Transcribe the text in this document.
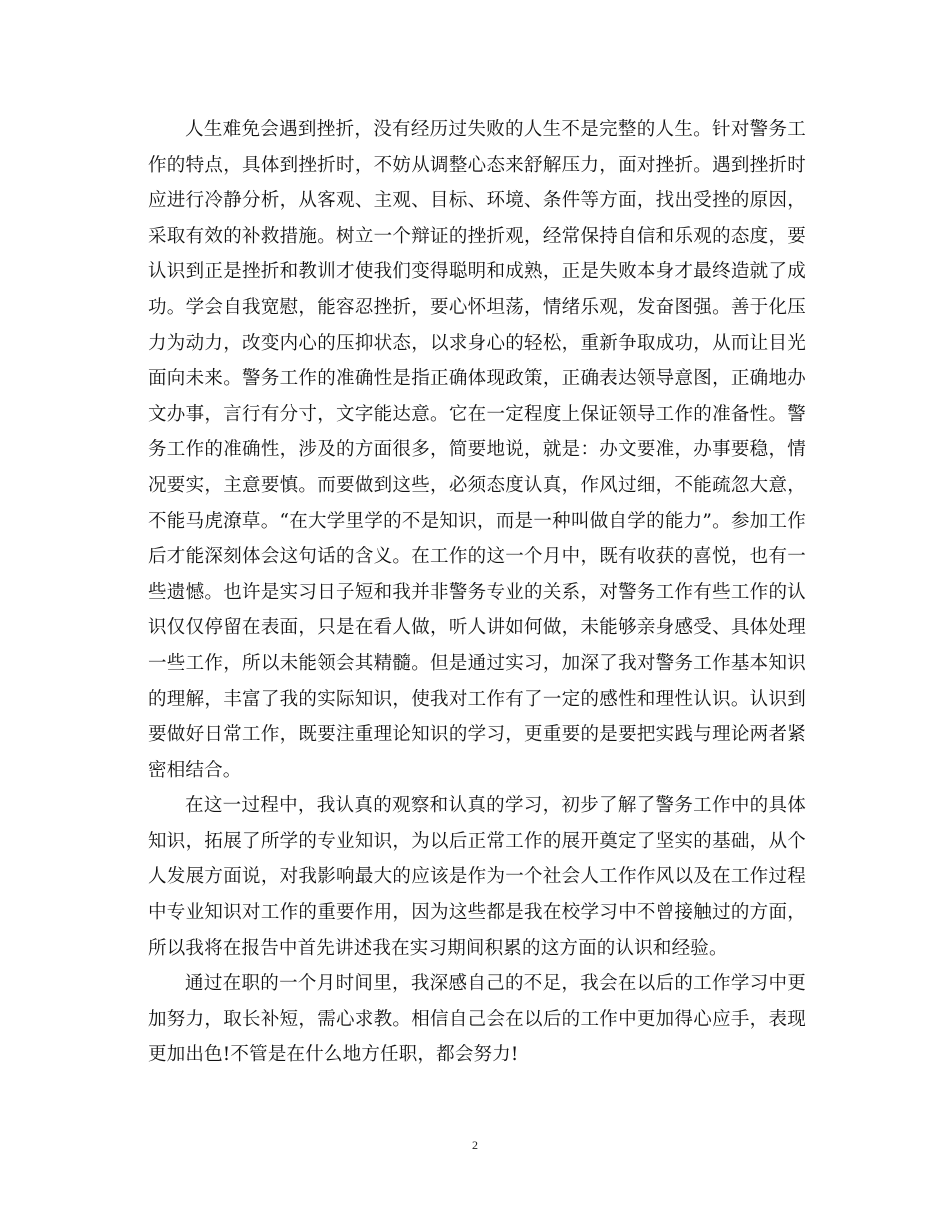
人生难免会遇到挫折，没有经历过失败的人生不是完整的人生。针对警务工作的特点，具体到挫折时，不妨从调整心态来舒解压力，面对挫折。遇到挫折时应进行冷静分析，从客观、主观、目标、环境、条件等方面，找出受挫的原因，采取有效的补救措施。树立一个辩证的挫折观，经常保持自信和乐观的态度，要认识到正是挫折和教训才使我们变得聪明和成熟，正是失败本身才最终造就了成功。学会自我宽慰，能容忍挫折，要心怀坦荡，情绪乐观，发奋图强。善于化压力为动力，改变内心的压抑状态，以求身心的轻松，重新争取成功，从而让目光面向未来。警务工作的准确性是指正确体现政策，正确表达领导意图，正确地办文办事，言行有分寸，文字能达意。它在一定程度上保证领导工作的准备性。警务工作的准确性，涉及的方面很多，简要地说，就是：办文要准，办事要稳，情况要实，主意要慎。而要做到这些，必须态度认真，作风过细，不能疏忽大意，不能马虎潦草。“在大学里学的不是知识，而是一种叫做自学的能力”。参加工作后才能深刻体会这句话的含义。在工作的这一个月中，既有收获的喜悦，也有一些遗憾。也许是实习日子短和我并非警务专业的关系，对警务工作有些工作的认识仅仅停留在表面，只是在看人做，听人讲如何做，未能够亲身感受、具体处理一些工作，所以未能领会其精髓。但是通过实习，加深了我对警务工作基本知识的理解，丰富了我的实际知识，使我对工作有了一定的感性和理性认识。认识到要做好日常工作，既要注重理论知识的学习，更重要的是要把实践与理论两者紧密相结合。

在这一过程中，我认真的观察和认真的学习，初步了解了警务工作中的具体知识，拓展了所学的专业知识，为以后正常工作的展开奠定了坚实的基础，从个人发展方面说，对我影响最大的应该是作为一个社会人工作作风以及在工作过程中专业知识对工作的重要作用，因为这些都是我在校学习中不曾接触过的方面，所以我将在报告中首先讲述我在实习期间积累的这方面的认识和经验。

通过在职的一个月时间里，我深感自己的不足，我会在以后的工作学习中更加努力，取长补短，需心求教。相信自己会在以后的工作中更加得心应手，表现更加出色!不管是在什么地方任职，都会努力!

2
